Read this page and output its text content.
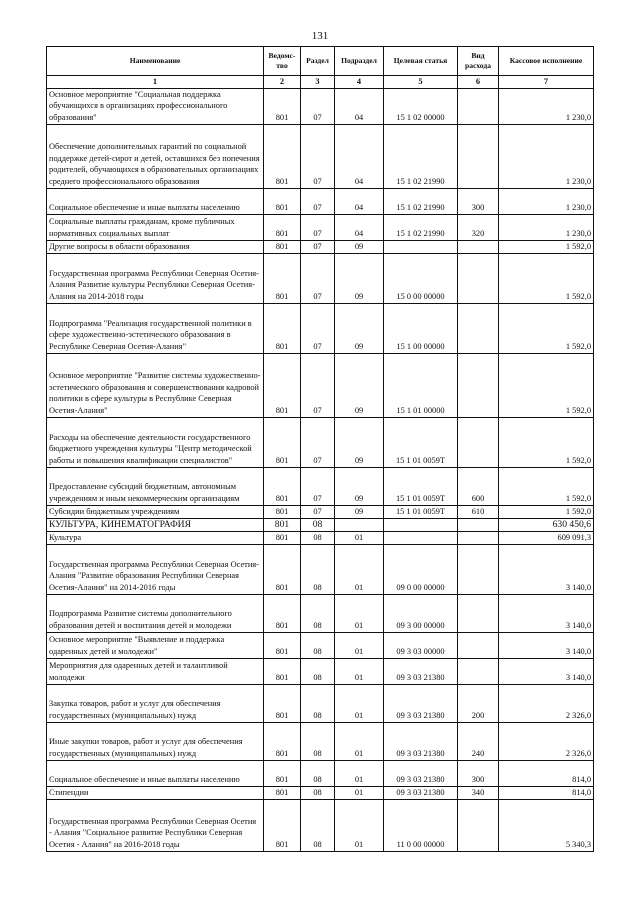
131
Наименование	Ведомс-тво	Раздел	Подраздел	Целевая статья	Вид расхода	Кассовое исполнение
1	2	3	4	5	6	7
Основное мероприятие "Социальная поддержка обучающихся в организациях профессионального образования"	801	07	04	15 1 02 00000		1 230,0
Обеспечение дополнительных гарантий по социальной поддержке детей-сирот и детей, оставшихся без попечения родителей, обучающихся в образовательных организациях среднего профессионального образования	801	07	04	15 1 02 21990		1 230,0
Социальное обеспечение и иные выплаты населению	801	07	04	15 1 02 21990	300	1 230,0
Социальные выплаты гражданам, кроме публичных нормативных социальных выплат	801	07	04	15 1 02 21990	320	1 230,0
Другие вопросы в области образования	801	07	09			1 592,0
Государственная программа Республики Северная Осетия-Алания Развитие культуры Республики Северная Осетия-Алания на 2014-2018 годы	801	07	09	15 0 00 00000		1 592,0
Подпрограмма "Реализация государственной политики в сфере художественно-эстетического образования в Республике Северная Осетия-Алания"	801	07	09	15 1 00 00000		1 592,0
Основное мероприятие "Развитие системы художественно-эстетического образования и совершенствования кадровой политики в сфере культуры в Республике Северная Осетия-Алания"	801	07	09	15 1 01 00000		1 592,0
Расходы на обеспечение деятельности государственного бюджетного учреждения культуры "Центр методической работы и повышения квалификации специалистов"	801	07	09	15 1 01 0059Т		1 592,0
Предоставление субсидий бюджетным, автономным учреждениям и иным некоммерческим организациям	801	07	09	15 1 01 0059Т	600	1 592,0
Субсидии бюджетным учреждениям	801	07	09	15 1 01 0059Т	610	1 592,0
КУЛЬТУРА, КИНЕМАТОГРАФИЯ	801	08				630 450,6
Культура	801	08	01			609 091,3
Государственная программа Республики Северная Осетия-Алания "Развитие образования Республики Северная Осетия-Алания" на 2014-2016 годы	801	08	01	09 0 00 00000		3 140,0
Подпрограмма Развитие системы дополнительного образования детей и воспитания детей и молодежи	801	08	01	09 3 00 00000		3 140,0
Основное мероприятие "Выявление и поддержка одаренных детей и молодежи"	801	08	01	09 3 03 00000		3 140,0
Мероприятия для одаренных детей и талантливой молодежи	801	08	01	09 3 03 21380		3 140,0
Закупка товаров, работ и услуг для обеспечения государственных (муниципальных) нужд	801	08	01	09 3 03 21380	200	2 326,0
Иные закупки товаров, работ и услуг для обеспечения государственных (муниципальных) нужд	801	08	01	09 3 03 21380	240	2 326,0
Социальное обеспечение и иные выплаты населению	801	08	01	09 3 03 21380	300	814,0
Стипендии	801	08	01	09 3 03 21380	340	814,0
Государственная программа Республики Северная Осетия - Алания "Социальное развитие Республики Северная Осетия - Алания" на 2016-2018 годы	801	08	01	11 0 00 00000		5 340,3
